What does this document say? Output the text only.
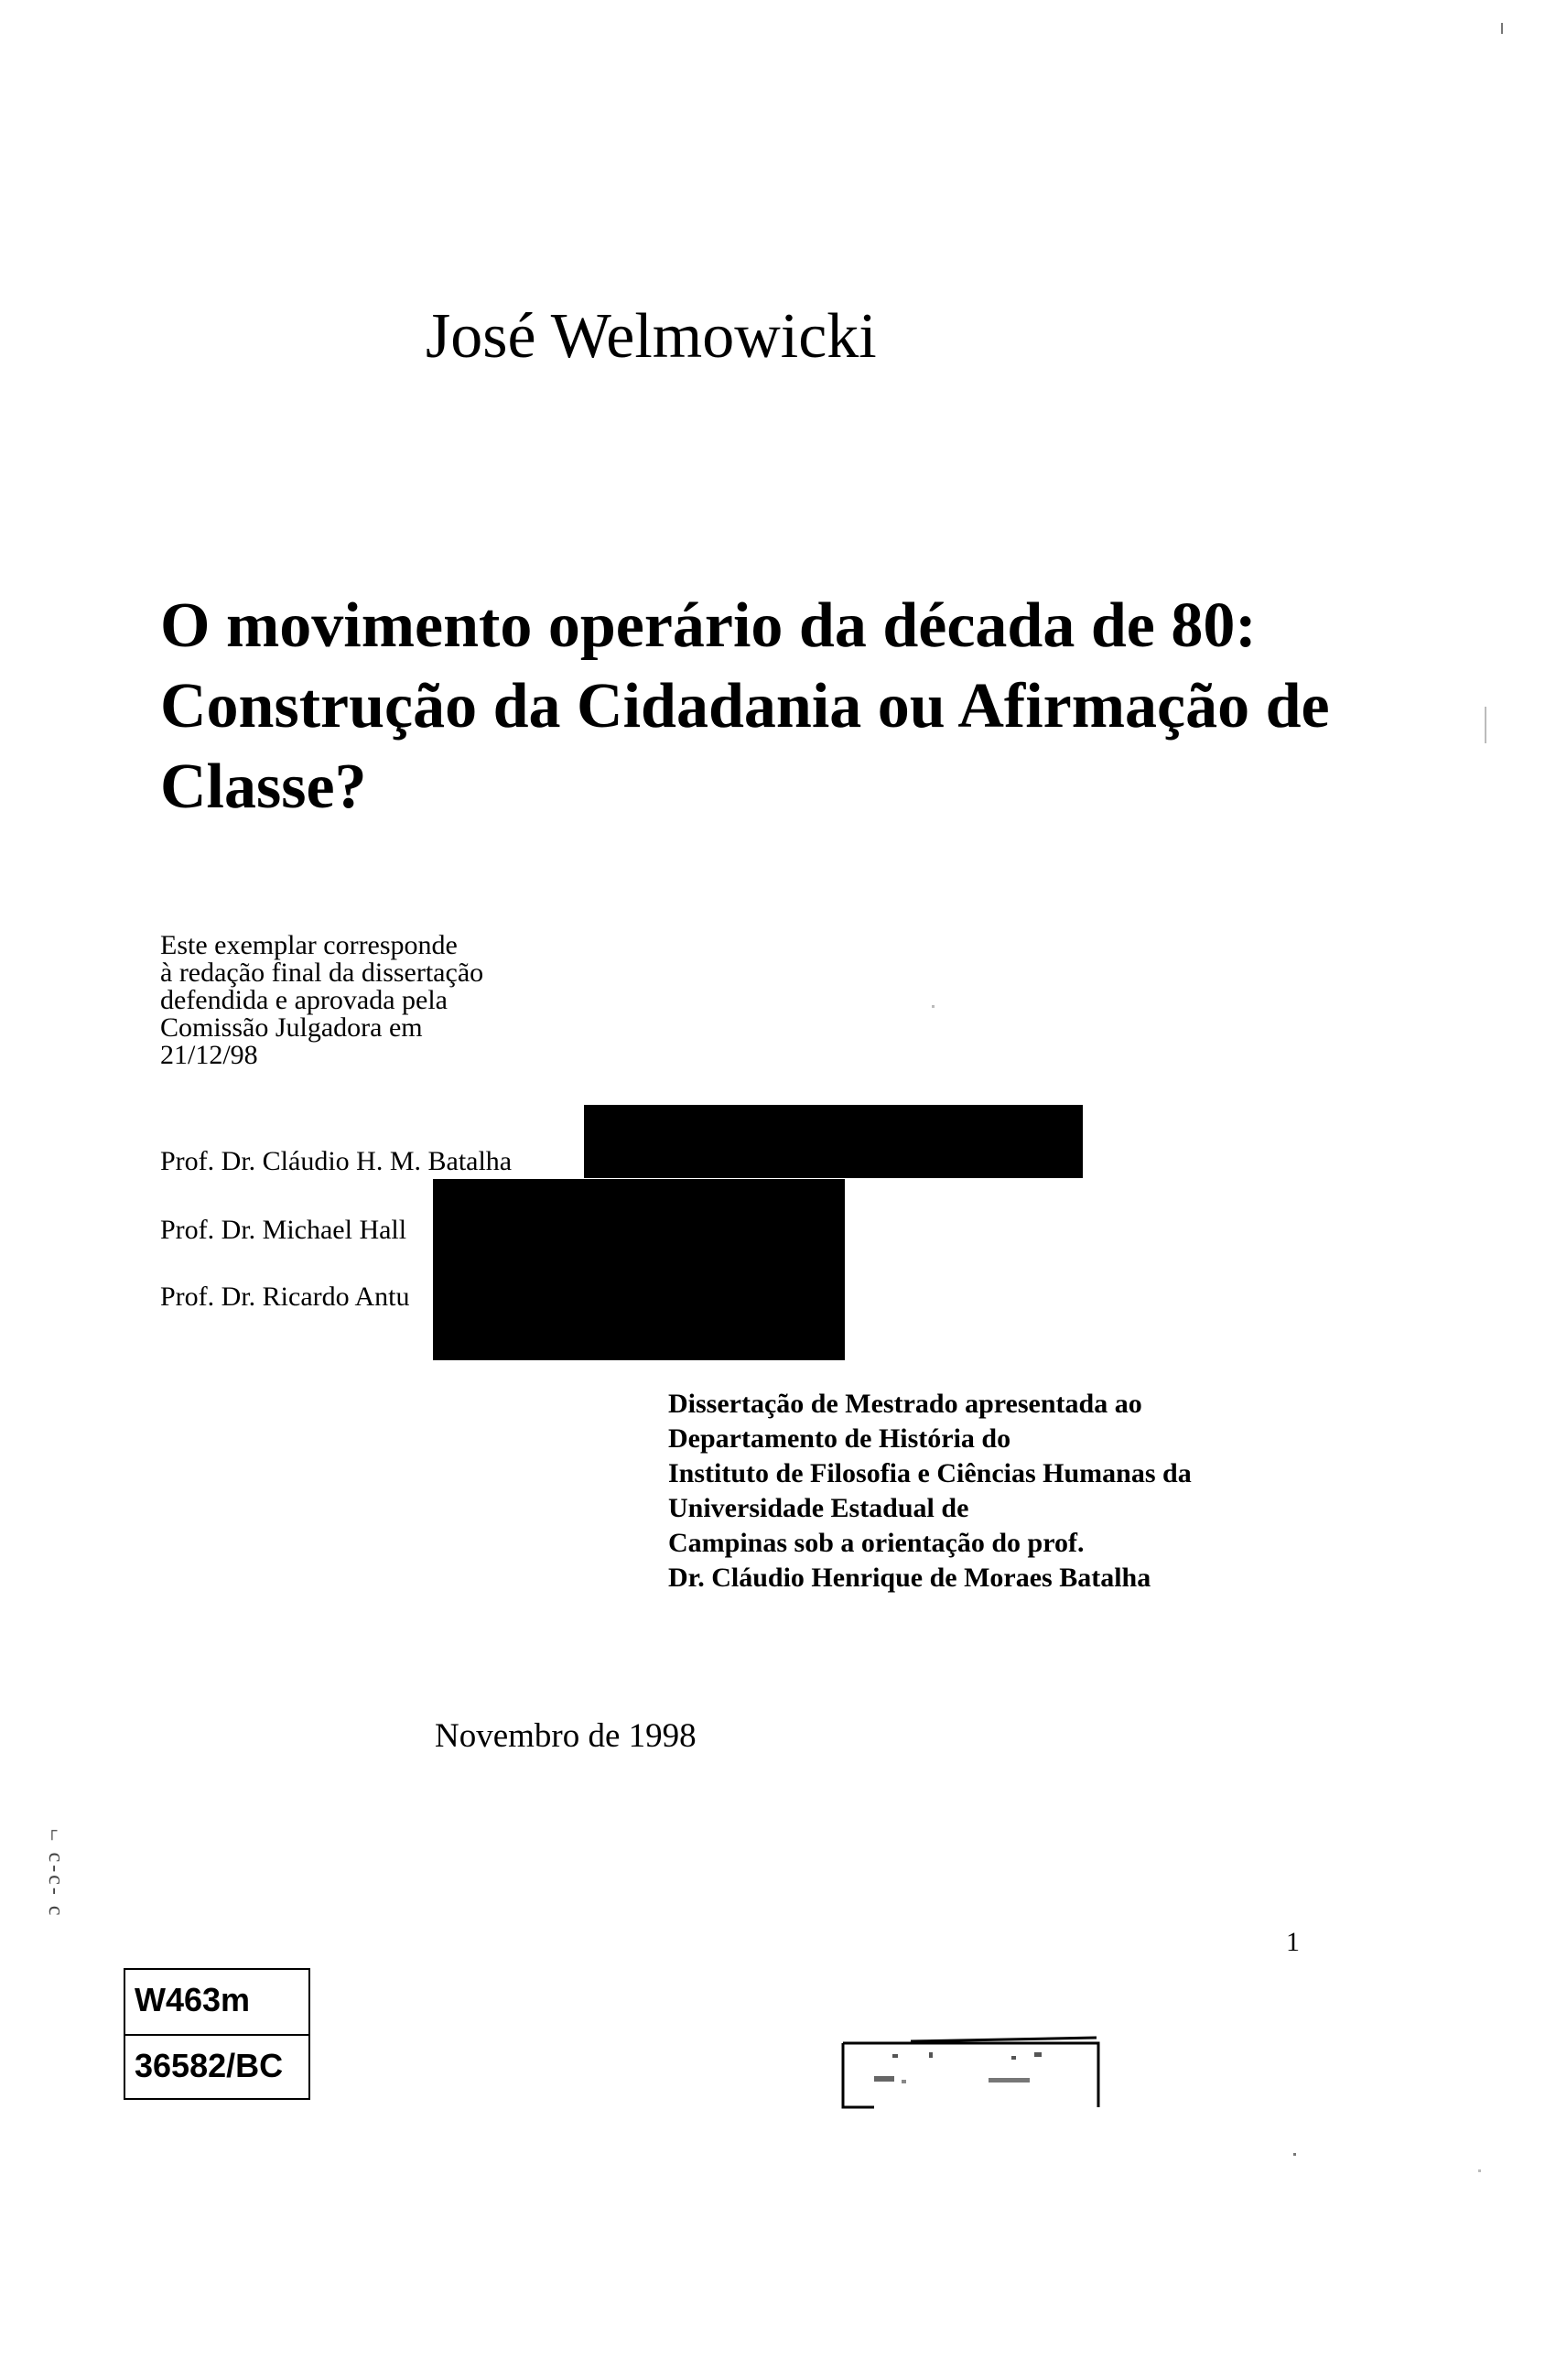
José Welmowicki
O movimento operário da década de 80:
Construção da Cidadania ou Afirmação de
Classe?
Este exemplar corresponde
à redação final da dissertação
defendida e aprovada pela
Comissão Julgadora em
21/12/98
Prof. Dr. Cláudio H. M. Batalha
Prof. Dr. Michael Hall
Prof. Dr. Ricardo Antu
Dissertação de Mestrado apresentada ao
Departamento de História do
Instituto de Filosofia e Ciências Humanas da
Universidade Estadual de
Campinas sob a orientação do prof.
Dr. Cláudio Henrique de Moraes Batalha
Novembro de 1998
1
ɔ -ɔ-ɔ ¬
W463m
36582/BC
